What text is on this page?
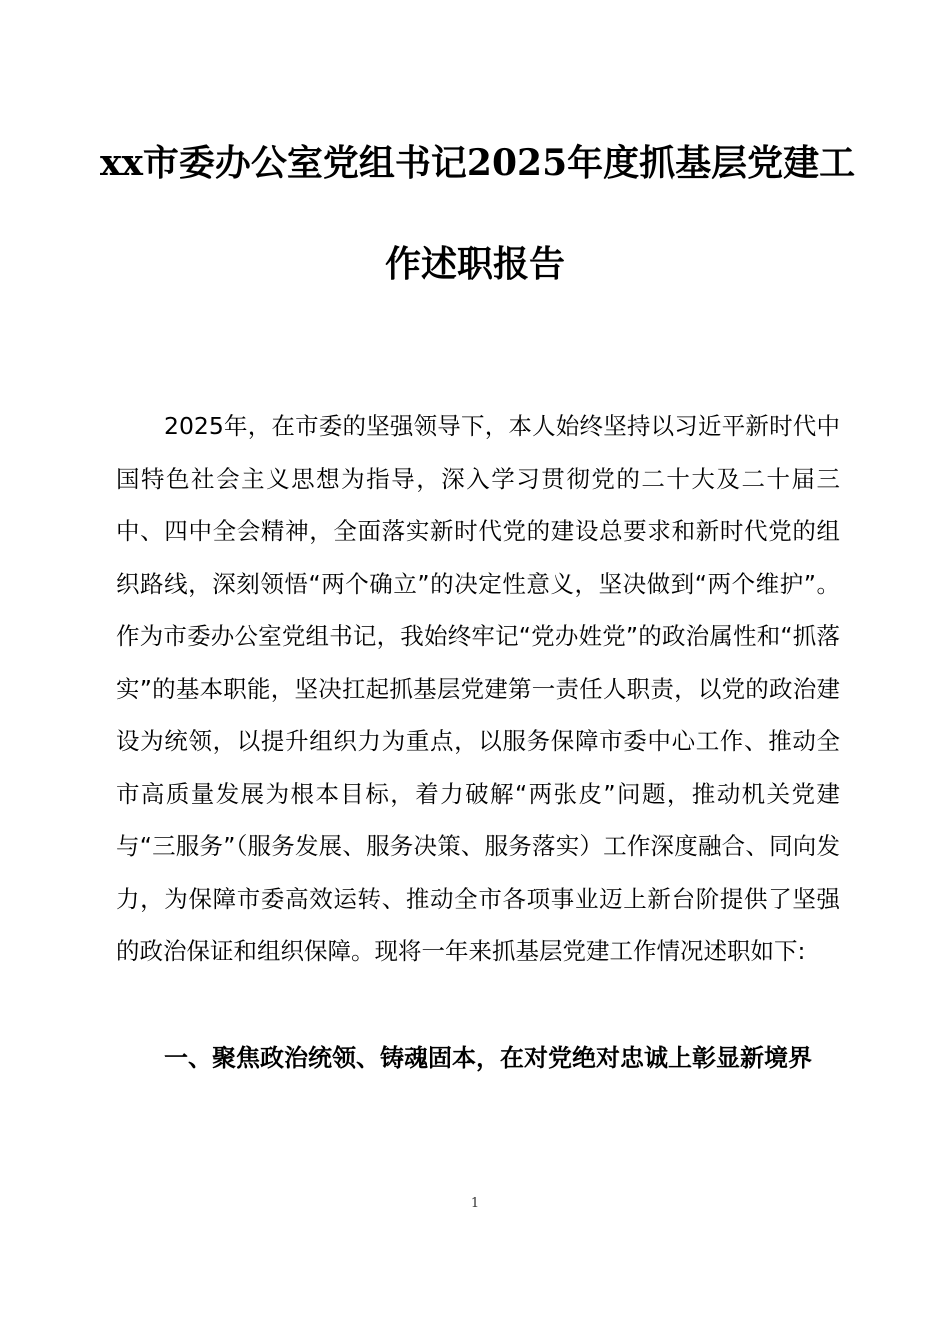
xx市委办公室党组书记2025年度抓基层党建工
作述职报告

2025年，在市委的坚强领导下，本人始终坚持以习近平新时代中国特色社会主义思想为指导，深入学习贯彻党的二十大及二十届三中、四中全会精神，全面落实新时代党的建设总要求和新时代党的组织路线，深刻领悟“两个确立”的决定性意义，坚决做到“两个维护”。作为市委办公室党组书记，我始终牢记“党办姓党”的政治属性和“抓落实”的基本职能，坚决扛起抓基层党建第一责任人职责，以党的政治建设为统领，以提升组织力为重点，以服务保障市委中心工作、推动全市高质量发展为根本目标，着力破解“两张皮”问题，推动机关党建与“三服务”（服务发展、服务决策、服务落实）工作深度融合、同向发力，为保障市委高效运转、推动全市各项事业迈上新台阶提供了坚强的政治保证和组织保障。现将一年来抓基层党建工作情况述职如下:

一、聚焦政治统领、铸魂固本，在对党绝对忠诚上彰显新境界

1
